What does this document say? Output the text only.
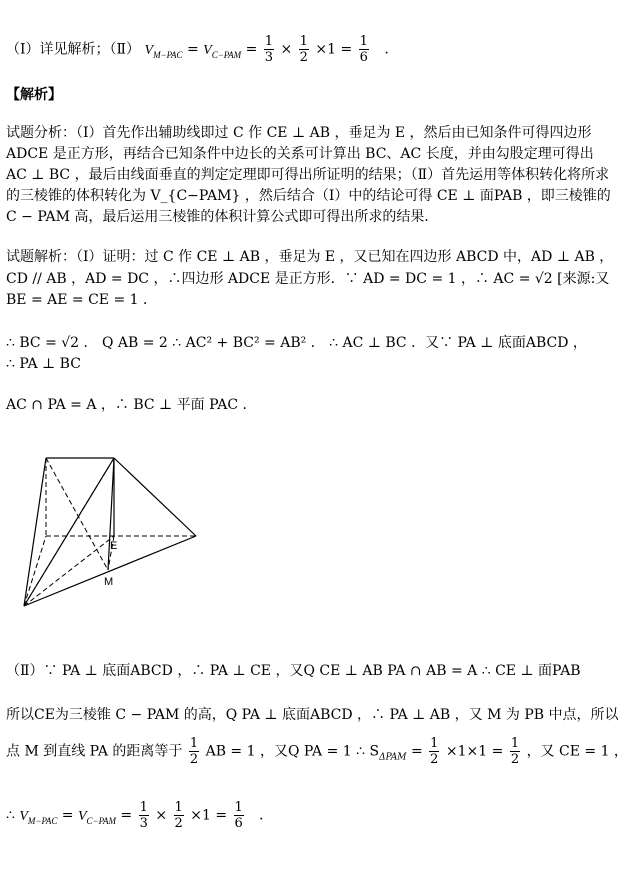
（Ⅰ）详见解析；（Ⅱ） $V_{M-PAC} = V_{C-PAM} = \frac{1}{3} \times \frac{1}{2} \times 1 = \frac{1}{6}$ .
【解析】
试题分析：（Ⅰ）首先作出辅助线即过 C 作 CE ⊥ AB ，垂足为 E ，然后由已知条件可得四边形
ADCE 是正方形，再结合已知条件中边长的关系可计算出 BC、AC 长度，并由勾股定理可得出
AC ⊥ BC ，最后由线面垂直的判定定理即可得出所证明的结果；（Ⅱ）首先运用等体积转化将所求
的三棱锥的体积转化为 V_{C−PAM} ，然后结合（Ⅰ）中的结论可得 CE ⊥ 面PAB ，即三棱锥的
C − PAM 高，最后运用三棱锥的体积计算公式即可得出所求的结果．
试题解析：（Ⅰ）证明：过 C 作 CE ⊥ AB ，垂足为 E ，又已知在四边形 ABCD 中，AD ⊥ AB ，
CD // AB ，AD = DC ，∴四边形 ADCE 是正方形．∵ AD = DC = 1 ，∴ AC = √2 [来源:又
BE = AE = CE = 1 ．
∴ BC = √2 ． Q AB = 2 ∴ AC² + BC² = AB² ． ∴ AC ⊥ BC ．又∵ PA ⊥ 底面ABCD ，
∴ PA ⊥ BC
AC ∩ PA = A ，∴ BC ⊥ 平面 PAC ．
E
M
（Ⅱ）∵ PA ⊥ 底面ABCD ，∴ PA ⊥ CE ，又Q CE ⊥ AB PA ∩ AB = A ∴ CE ⊥ 面PAB
所以CE为三棱锥 C − PAM 的高，Q PA ⊥ 底面ABCD ，∴ PA ⊥ AB ，又 M 为 PB 中点，所以
点 M 到直线 PA 的距离等于 $\frac{1}{2}$ AB = 1 ，又Q PA = 1 ∴ $S_{\Delta PAM} = \frac{1}{2} \times 1\times 1 = \frac{1}{2}$ ，又 CE = 1 ，
∴ $V_{M-PAC} = V_{C-PAM} = \frac{1}{3} \times \frac{1}{2} \times 1 = \frac{1}{6}$ ．
